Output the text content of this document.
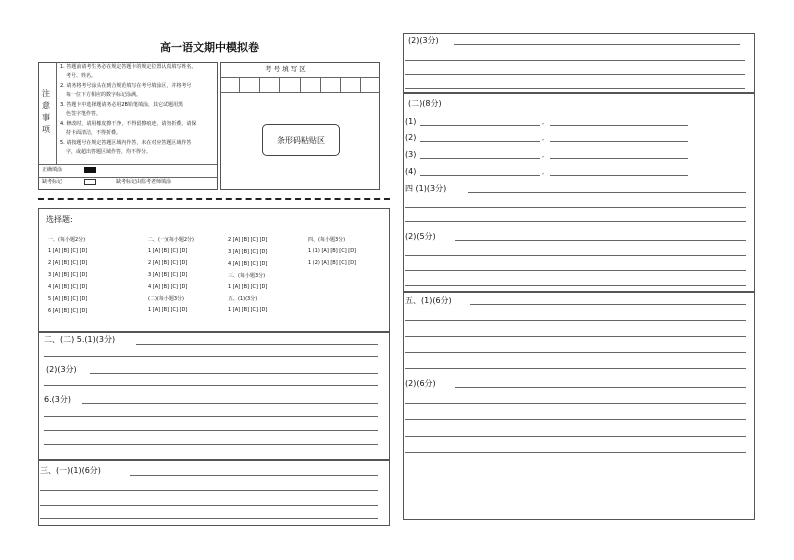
高一语文期中模拟卷
注
意
事
项
1. 答题前请考生务必在规定答题卡的规定位置认真填写姓名、
考号、姓名。
2. 请务将考号涂头在到合规范填写在考号填涂区，并将考号
每一位下方相应的数字标记涂满。
3. 答题卡中选择题请务必用2B铅笔填涂，其它试题用黑
色签字笔作答。
4. 修改时，请用橡皮擦干净，不得留擦痕迹，请勿折叠，请保
持卡面清洁，不得折叠。
5. 请按题号在规定答题区域内作答，未在对应答题区域作答
字，或超出答题区域作答，均不得分。
正确填涂
缺考标记	缺考标记由监考老师填涂
考 号 填 写 区
条形码粘贴区
选择题:
一、(每小题2分)
1 [A] [B] [C] [D]
2 [A] [B] [C] [D]
3 [A] [B] [C] [D]
4 [A] [B] [C] [D]
5 [A] [B] [C] [D]
6 [A] [B] [C] [D]
二、(一)(每小题2分)
1 [A] [B] [C] [D]
2 [A] [B] [C] [D]
3 [A] [B] [C] [D]
4 [A] [B] [C] [D]
(二)(每小题3分)
1 [A] [B] [C] [D]
2 [A] [B] [C] [D]
3 [A] [B] [C] [D]
4 [A] [B] [C] [D]
三、(每小题3分)
1 [A] [B] [C] [D]
五、(1)(3分)
1 [A] [B] [C] [D]
四、(每小题3分)
1 (1) [A] [B] [C] [D]
1 (2) [A] [B] [C] [D]
二、(二) 5.(1)(3分)
(2)(3分)
6.(3分)
三、(一)(1)(6分)
(2)(3分)
(二)(8分)
(1)	,
(2)	,
(3)	,
(4)	,
四 (1)(3分)
(2)(5分)
五、(1)(6分)
(2)(6分)
